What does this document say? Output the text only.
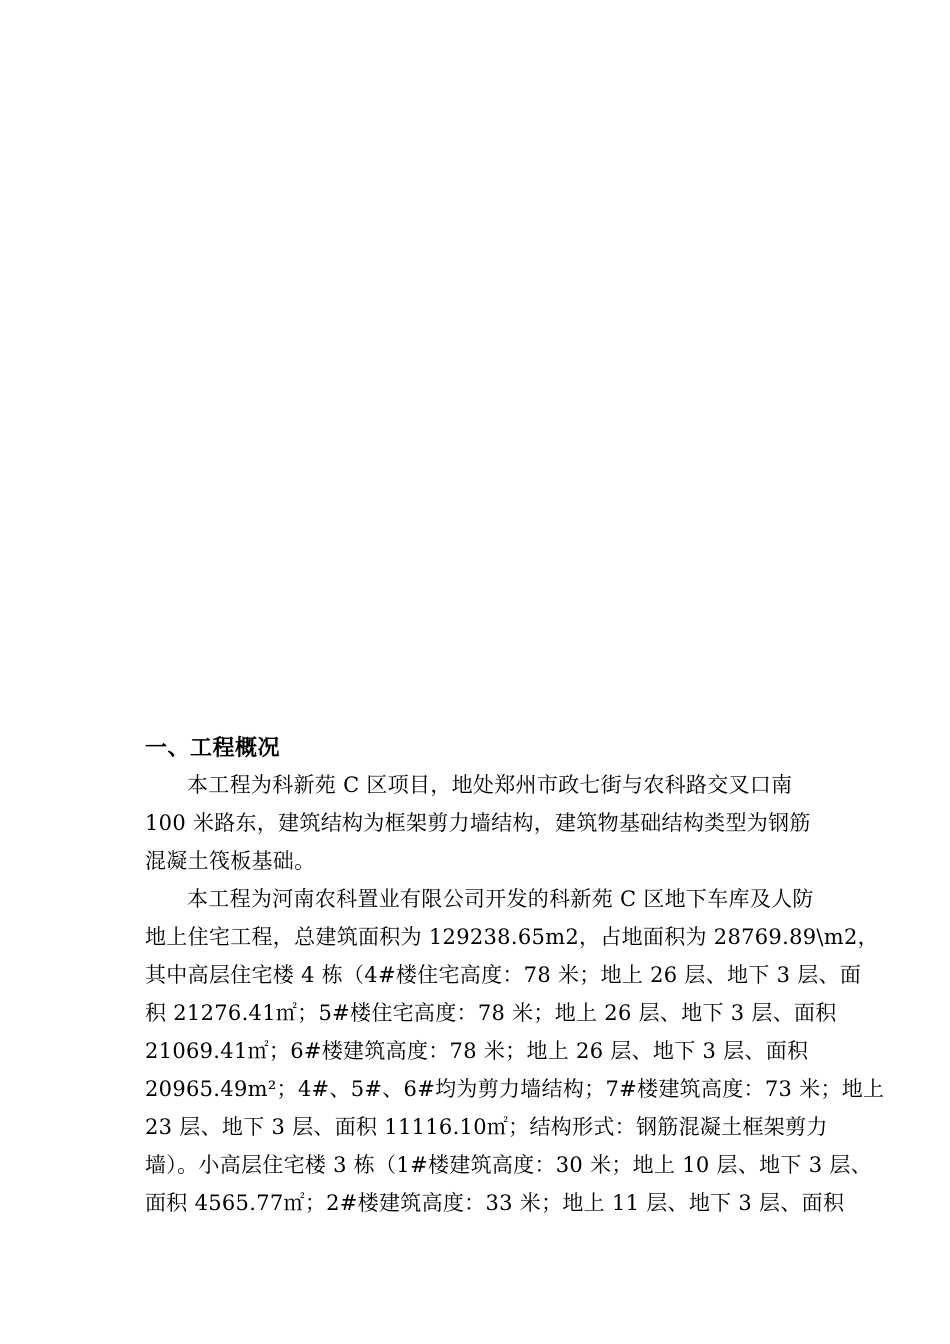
一、工程概况
本工程为科新苑 C 区项目，地处郑州市政七街与农科路交叉口南
100 米路东，建筑结构为框架剪力墙结构，建筑物基础结构类型为钢筋
混凝土筏板基础。
本工程为河南农科置业有限公司开发的科新苑 C 区地下车库及人防
地上住宅工程，总建筑面积为 129238.65m2，占地面积为 28769.89\m2，
其中高层住宅楼 4 栋（4#楼住宅高度：78 米；地上 26 层、地下 3 层、面
积 21276.41㎡；5#楼住宅高度：78 米；地上 26 层、地下 3 层、面积
21069.41㎡；6#楼建筑高度：78 米；地上 26 层、地下 3 层、面积
20965.49m²；4#、5#、6#均为剪力墙结构；7#楼建筑高度：73 米；地上
23 层、地下 3 层、面积 11116.10㎡；结构形式：钢筋混凝土框架剪力
墙）。小高层住宅楼 3 栋（1#楼建筑高度：30 米；地上 10 层、地下 3 层、
面积 4565.77㎡；2#楼建筑高度：33 米；地上 11 层、地下 3 层、面积
